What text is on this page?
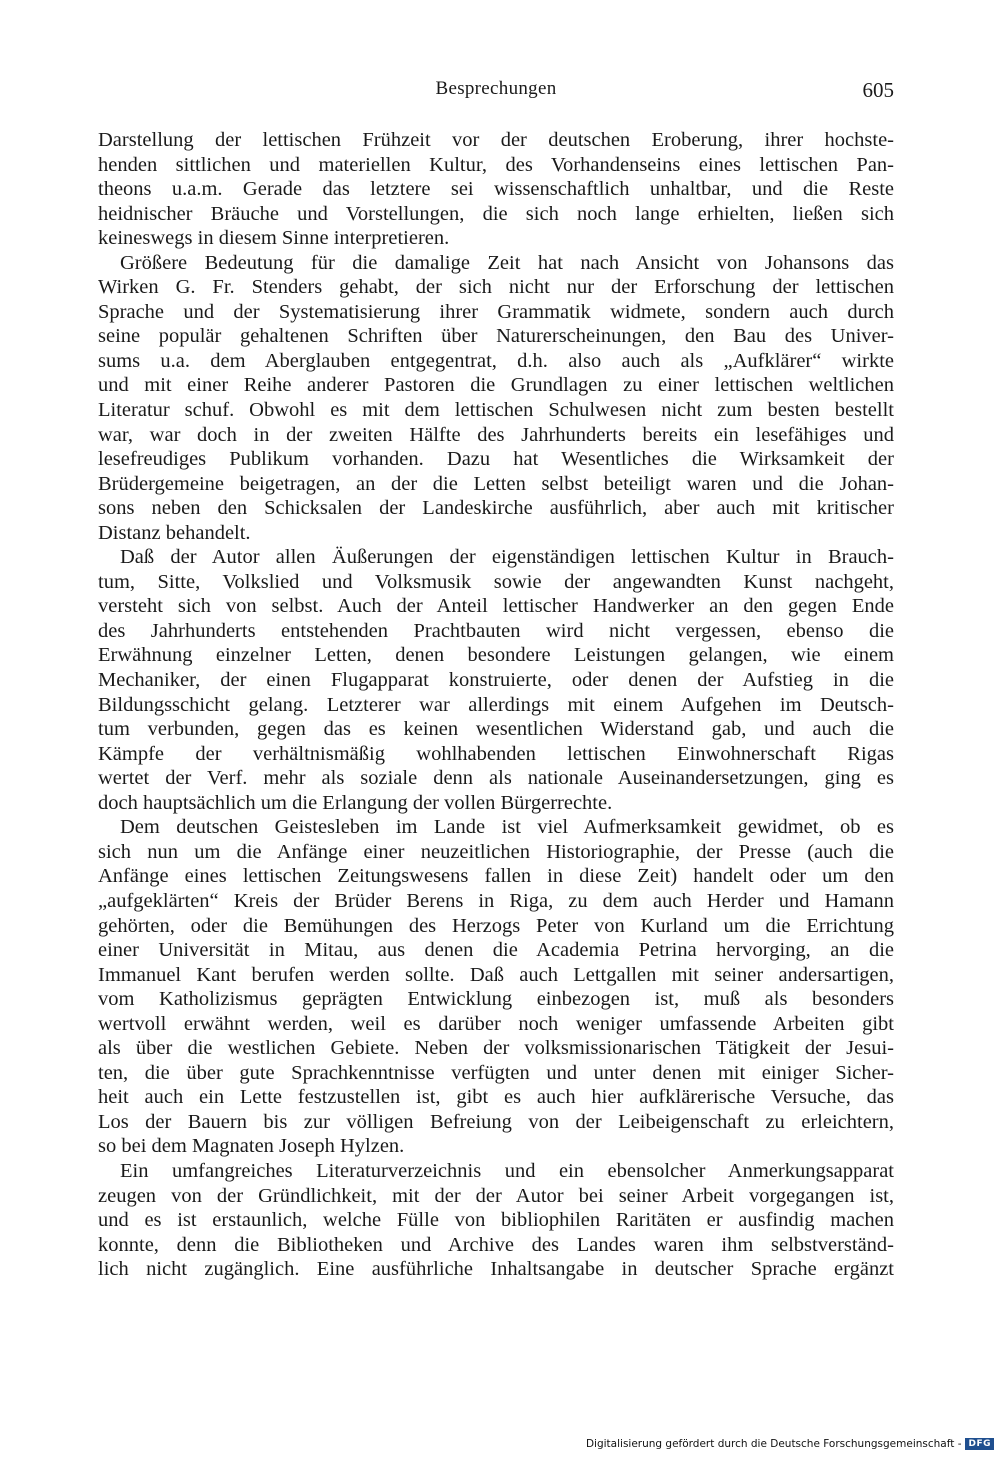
Besprechungen	605
Darstellung der lettischen Frühzeit vor der deutschen Eroberung, ihrer hochste-
henden sittlichen und materiellen Kultur, des Vorhandenseins eines lettischen Pan-
theons u.a.m. Gerade das letztere sei wissenschaftlich unhaltbar, und die Reste
heidnischer Bräuche und Vorstellungen, die sich noch lange erhielten, ließen sich
keineswegs in diesem Sinne interpretieren.
Größere Bedeutung für die damalige Zeit hat nach Ansicht von Johansons das
Wirken G. Fr. Stenders gehabt, der sich nicht nur der Erforschung der lettischen
Sprache und der Systematisierung ihrer Grammatik widmete, sondern auch durch
seine populär gehaltenen Schriften über Naturerscheinungen, den Bau des Univer-
sums u.a. dem Aberglauben entgegentrat, d.h. also auch als „Aufklärer“ wirkte
und mit einer Reihe anderer Pastoren die Grundlagen zu einer lettischen weltlichen
Literatur schuf. Obwohl es mit dem lettischen Schulwesen nicht zum besten bestellt
war, war doch in der zweiten Hälfte des Jahrhunderts bereits ein lesefähiges und
lesefreudiges Publikum vorhanden. Dazu hat Wesentliches die Wirksamkeit der
Brüdergemeine beigetragen, an der die Letten selbst beteiligt waren und die Johan-
sons neben den Schicksalen der Landeskirche ausführlich, aber auch mit kritischer
Distanz behandelt.
Daß der Autor allen Äußerungen der eigenständigen lettischen Kultur in Brauch-
tum, Sitte, Volkslied und Volksmusik sowie der angewandten Kunst nachgeht,
versteht sich von selbst. Auch der Anteil lettischer Handwerker an den gegen Ende
des Jahrhunderts entstehenden Prachtbauten wird nicht vergessen, ebenso die
Erwähnung einzelner Letten, denen besondere Leistungen gelangen, wie einem
Mechaniker, der einen Flugapparat konstruierte, oder denen der Aufstieg in die
Bildungsschicht gelang. Letzterer war allerdings mit einem Aufgehen im Deutsch-
tum verbunden, gegen das es keinen wesentlichen Widerstand gab, und auch die
Kämpfe der verhältnismäßig wohlhabenden lettischen Einwohnerschaft Rigas
wertet der Verf. mehr als soziale denn als nationale Auseinandersetzungen, ging es
doch hauptsächlich um die Erlangung der vollen Bürgerrechte.
Dem deutschen Geistesleben im Lande ist viel Aufmerksamkeit gewidmet, ob es
sich nun um die Anfänge einer neuzeitlichen Historiographie, der Presse (auch die
Anfänge eines lettischen Zeitungswesens fallen in diese Zeit) handelt oder um den
„aufgeklärten“ Kreis der Brüder Berens in Riga, zu dem auch Herder und Hamann
gehörten, oder die Bemühungen des Herzogs Peter von Kurland um die Errichtung
einer Universität in Mitau, aus denen die Academia Petrina hervorging, an die
Immanuel Kant berufen werden sollte. Daß auch Lettgallen mit seiner andersartigen,
vom Katholizismus geprägten Entwicklung einbezogen ist, muß als besonders
wertvoll erwähnt werden, weil es darüber noch weniger umfassende Arbeiten gibt
als über die westlichen Gebiete. Neben der volksmissionarischen Tätigkeit der Jesui-
ten, die über gute Sprachkenntnisse verfügten und unter denen mit einiger Sicher-
heit auch ein Lette festzustellen ist, gibt es auch hier aufklärerische Versuche, das
Los der Bauern bis zur völligen Befreiung von der Leibeigenschaft zu erleichtern,
so bei dem Magnaten Joseph Hylzen.
Ein umfangreiches Literaturverzeichnis und ein ebensolcher Anmerkungsapparat
zeugen von der Gründlichkeit, mit der der Autor bei seiner Arbeit vorgegangen ist,
und es ist erstaunlich, welche Fülle von bibliophilen Raritäten er ausfindig machen
konnte, denn die Bibliotheken und Archive des Landes waren ihm selbstverständ-
lich nicht zugänglich. Eine ausführliche Inhaltsangabe in deutscher Sprache ergänzt
Digitalisierung gefördert durch die Deutsche Forschungsgemeinschaft - DFG
